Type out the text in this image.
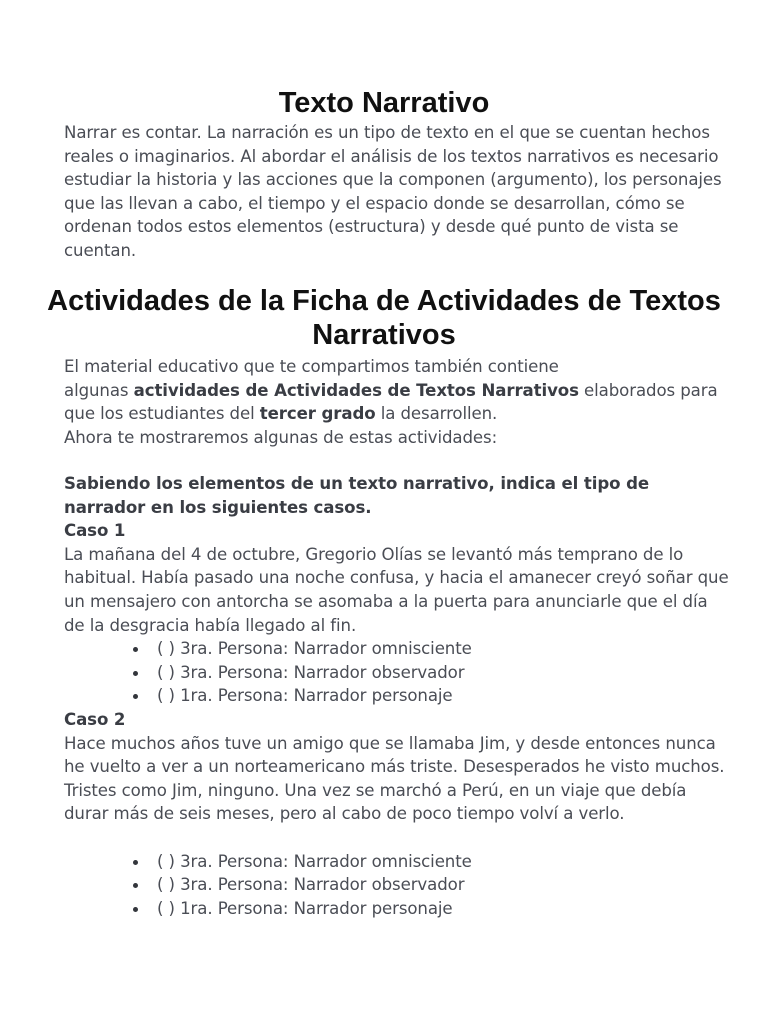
Texto Narrativo

Narrar es contar. La narración es un tipo de texto en el que se cuentan hechos reales o imaginarios. Al abordar el análisis de los textos narrativos es necesario estudiar la historia y las acciones que la componen (argumento), los personajes que las llevan a cabo, el tiempo y el espacio donde se desarrollan, cómo se ordenan todos estos elementos (estructura) y desde qué punto de vista se cuentan.

Actividades de la Ficha de Actividades de Textos Narrativos

El material educativo que te compartimos también contiene
algunas actividades de Actividades de Textos Narrativos elaborados para que los estudiantes del tercer grado la desarrollen.

Ahora te mostraremos algunas de estas actividades:

Sabiendo los elementos de un texto narrativo, indica el tipo de narrador en los siguientes casos.

Caso 1

La mañana del 4 de octubre, Gregorio Olías se levantó más temprano de lo habitual. Había pasado una noche confusa, y hacia el amanecer creyó soñar que un mensajero con antorcha se asomaba a la puerta para anunciarle que el día de la desgracia había llegado al fin.

( ) 3ra. Persona: Narrador omnisciente
( ) 3ra. Persona: Narrador observador
( ) 1ra. Persona: Narrador personaje

Caso 2

Hace muchos años tuve un amigo que se llamaba Jim, y desde entonces nunca he vuelto a ver a un norteamericano más triste. Desesperados he visto muchos. Tristes como Jim, ninguno. Una vez se marchó a Perú, en un viaje que debía durar más de seis meses, pero al cabo de poco tiempo volví a verlo.

( ) 3ra. Persona: Narrador omnisciente
( ) 3ra. Persona: Narrador observador
( ) 1ra. Persona: Narrador personaje
